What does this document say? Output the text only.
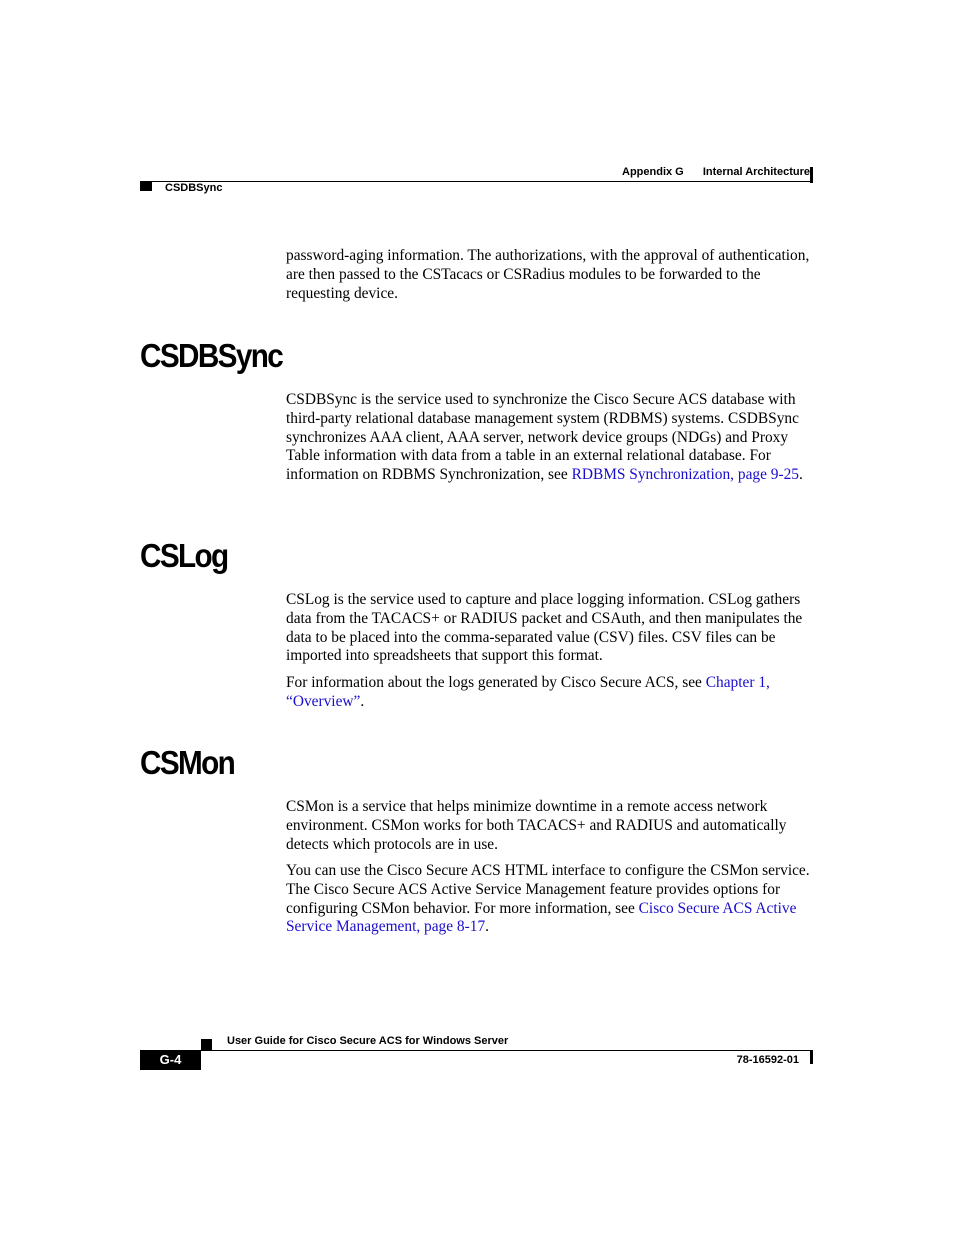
Appendix G Internal Architecture
CSDBSync

password-aging information. The authorizations, with the approval of authentication, are then passed to the CSTacacs or CSRadius modules to be forwarded to the requesting device.

CSDBSync

CSDBSync is the service used to synchronize the Cisco Secure ACS database with third-party relational database management system (RDBMS) systems. CSDBSync synchronizes AAA client, AAA server, network device groups (NDGs) and Proxy Table information with data from a table in an external relational database. For information on RDBMS Synchronization, see RDBMS Synchronization, page 9-25.

CSLog

CSLog is the service used to capture and place logging information. CSLog gathers data from the TACACS+ or RADIUS packet and CSAuth, and then manipulates the data to be placed into the comma-separated value (CSV) files. CSV files can be imported into spreadsheets that support this format.

For information about the logs generated by Cisco Secure ACS, see Chapter 1, “Overview”.

CSMon

CSMon is a service that helps minimize downtime in a remote access network environment. CSMon works for both TACACS+ and RADIUS and automatically detects which protocols are in use.

You can use the Cisco Secure ACS HTML interface to configure the CSMon service. The Cisco Secure ACS Active Service Management feature provides options for configuring CSMon behavior. For more information, see Cisco Secure ACS Active Service Management, page 8-17.

User Guide for Cisco Secure ACS for Windows Server
G-4	78-16592-01
